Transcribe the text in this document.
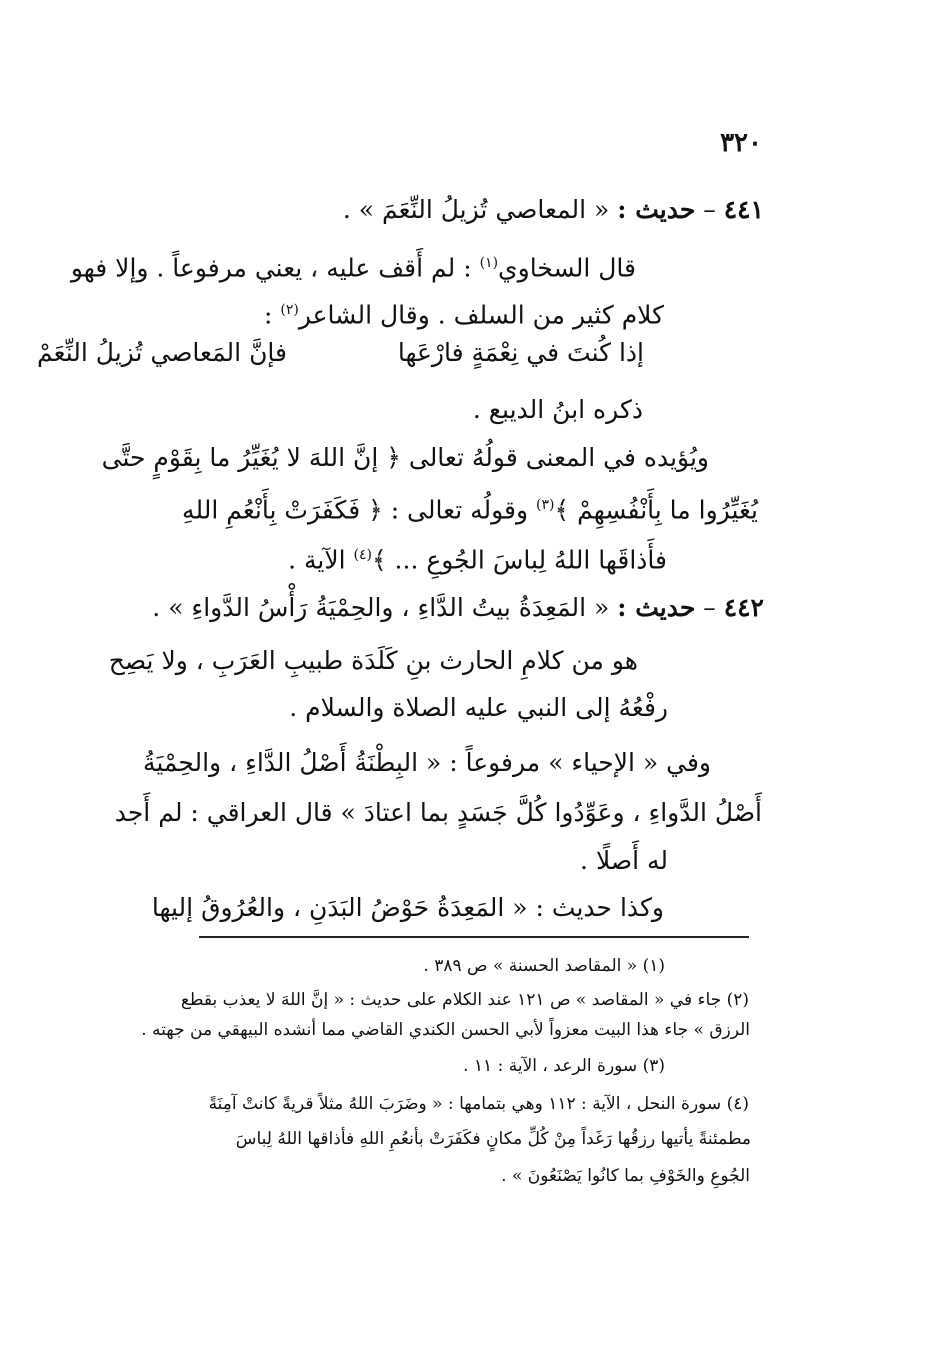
٣٢٠
٤٤١ – حديث : « المعاصي تُزيلُ النِّعَمَ » .
قال السخاوي$^{(١)}$ : لم أَقف عليه ، يعني مرفوعاً . وإلا فهو
كلام كثير من السلف . وقال الشاعر$^{(٢)}$ :
إذا كُنتَ في نِعْمَةٍ فارْعَها
فإنَّ المَعاصي تُزيلُ النِّعَمْ
ذكره ابنُ الديبع .
ويُؤيده في المعنى قولُهُ تعالى ﴿ إنَّ اللهَ لا يُغَيِّرُ ما بِقَوْمٍ حتَّى
يُغَيِّرُوا ما بِأَنْفُسِهِمْ ﴾$^{(٣)}$ وقولُه تعالى : ﴿ فَكَفَرَتْ بِأَنْعُمِ اللهِ
فأَذاقَها اللهُ لِباسَ الجُوعِ ... ﴾$^{(٤)}$ الآية .
٤٤٢ – حديث : « المَعِدَةُ بيتُ الدَّاءِ ، والحِمْيَةُ رَأْسُ الدَّواءِ » .
هو من كلامِ الحارث بنِ كَلَدَة طبيبِ العَرَبِ ، ولا يَصِح
رفْعُهُ إلى النبي عليه الصلاة والسلام .
وفي « الإحياء » مرفوعاً : « البِطْنَةُ أَصْلُ الدَّاءِ ، والحِمْيَةُ
أَصْلُ الدَّواءِ ، وعَوِّدُوا كُلَّ جَسَدٍ بما اعتادَ » قال العراقي : لم أَجد
له أَصلًا .
وكذا حديث : « المَعِدَةُ حَوْضُ البَدَنِ ، والعُرُوقُ إليها
(١) « المقاصد الحسنة » ص ٣٨٩ .
(٢) جاء في « المقاصد » ص ١٢١ عند الكلام على حديث : « إنَّ اللهَ لا يعذب بقطع
الرزق » جاء هذا البيت معزواً لأبي الحسن الكندي القاضي مما أنشده البيهقي من جهته .
(٣) سورة الرعد ، الآية : ١١ .
(٤) سورة النحل ، الآية : ١١٢ وهي بتمامها : « وضَرَبَ اللهُ مثلاً قريةً كانتْ آمِنَةً
مطمئنةً يأتيها رزقُها رَغَداً مِنْ كُلِّ مكانٍ فكَفَرَتْ بأنعُمِ اللهِ فأذاقها اللهُ لِباسَ
الجُوعِ والخَوْفِ بما كانُوا يَصْنَعُونَ » .
